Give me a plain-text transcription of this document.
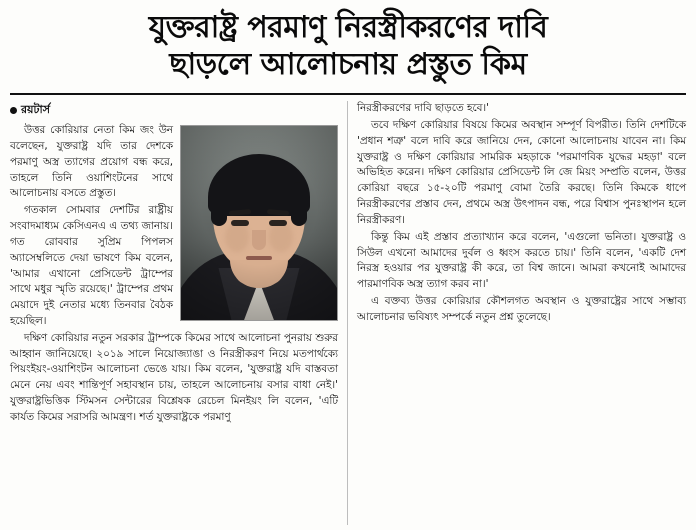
যুক্তরাষ্ট্র পরমাণু নিরস্ত্রীকরণের দাবি
ছাড়লে আলোচনায় প্রস্তুত কিম
রয়টার্স

উত্তর কোরিয়ার নেতা কিম জং উন বলেছেন, যুক্তরাষ্ট্র যদি তার দেশকে পরমাণু অস্ত্র ত্যাগের প্রয়োগ বন্ধ করে, তাহলে তিনি ওয়াশিংটনের সাথে আলোচনায় বসতে প্রস্তুত।

গতকাল সোমবার দেশটির রাষ্ট্রীয় সংবাদমাধ্যম কেসিএনএ এ তথ্য জানায়। গত রোববার সুপ্রিম পিপলস অ্যাসেম্বলিতে দেয়া ভাষণে কিম বলেন, 'আমার এখানো প্রেসিডেন্ট ট্রাম্পের সাথে মধুর স্মৃতি রয়েছে।' ট্রাম্পের প্রথম মেয়াদে দুই নেতার মধ্যে তিনবার বৈঠক হয়েছিল।

দক্ষিণ কোরিয়ার নতুন সরকার ট্রাম্পকে কিমের সাথে আলোচনা পুনরায় শুরুর আহ্বান জানিয়েছে। ২০১৯ সালে নিয়োজ্যাঙা ও নিরস্ত্রীকরণ নিয়ে মতপার্থক্যে পিয়ংইয়ং-ওয়াশিংটন আলোচনা ভেঙে যায়। কিম বলেন, 'যুক্তরাষ্ট্র যদি বাস্তবতা মেনে নেয় এবং শান্তিপূর্ণ সহাবস্থান চায়, তাহলে আলোচনায় বসার বাধা নেই।' যুক্তরাষ্ট্রভিত্তিক স্টিমসন সেন্টারের বিশ্লেষক রেচেল মিনইয়ং লি বলেন, 'এটি কার্যত কিমের সরাসরি আমন্ত্রণ। শর্ত যুক্তরাষ্ট্রকে পরমাণু

নিরস্ত্রীকরণের দাবি ছাড়তে হবে।'

তবে দক্ষিণ কোরিয়ার বিষয়ে কিমের অবস্থান সম্পূর্ণ বিপরীত। তিনি দেশটিকে 'প্রধান শত্রু' বলে দাবি করে জানিয়ে দেন, কোনো আলোচনায় যাবেন না। কিম যুক্তরাষ্ট্র ও দক্ষিণ কোরিয়ার সামরিক মহড়াকে 'পরমাণবিক যুদ্ধের মহড়া' বলে অভিহিত করেন। দক্ষিণ কোরিয়ার প্রেসিডেন্ট লি জে মিয়ং সম্প্রতি বলেন, উত্তর কোরিয়া বছরে ১৫-২০টি পরমাণু বোমা তৈরি করছে। তিনি কিমকে ধাপে নিরস্ত্রীকরণের প্রস্তাব দেন, প্রথমে অস্ত্র উৎপাদন বন্ধ, পরে বিশ্বাস পুনঃস্থাপন হলে নিরস্ত্রীকরণ।

কিন্তু কিম এই প্রস্তাব প্রত্যাখ্যান করে বলেন, 'এগুলো ভনিতা। যুক্তরাষ্ট্র ও সিউল এখনো আমাদের দুর্বল ও ধ্বংস করতে চায়।' তিনি বলেন, 'একটি দেশ নিরস্ত্র হওয়ার পর যুক্তরাষ্ট্র কী করে, তা বিশ্ব জানে। আমরা কখনোই আমাদের পারমাণবিক অস্ত্র ত্যাগ করব না।'

এ বক্তব্য উত্তর কোরিয়ার কৌশলগত অবস্থান ও যুক্তরাষ্ট্রের সাথে সম্ভাব্য আলোচনার ভবিষ্যৎ সম্পর্কে নতুন প্রশ্ন তুলেছে।
